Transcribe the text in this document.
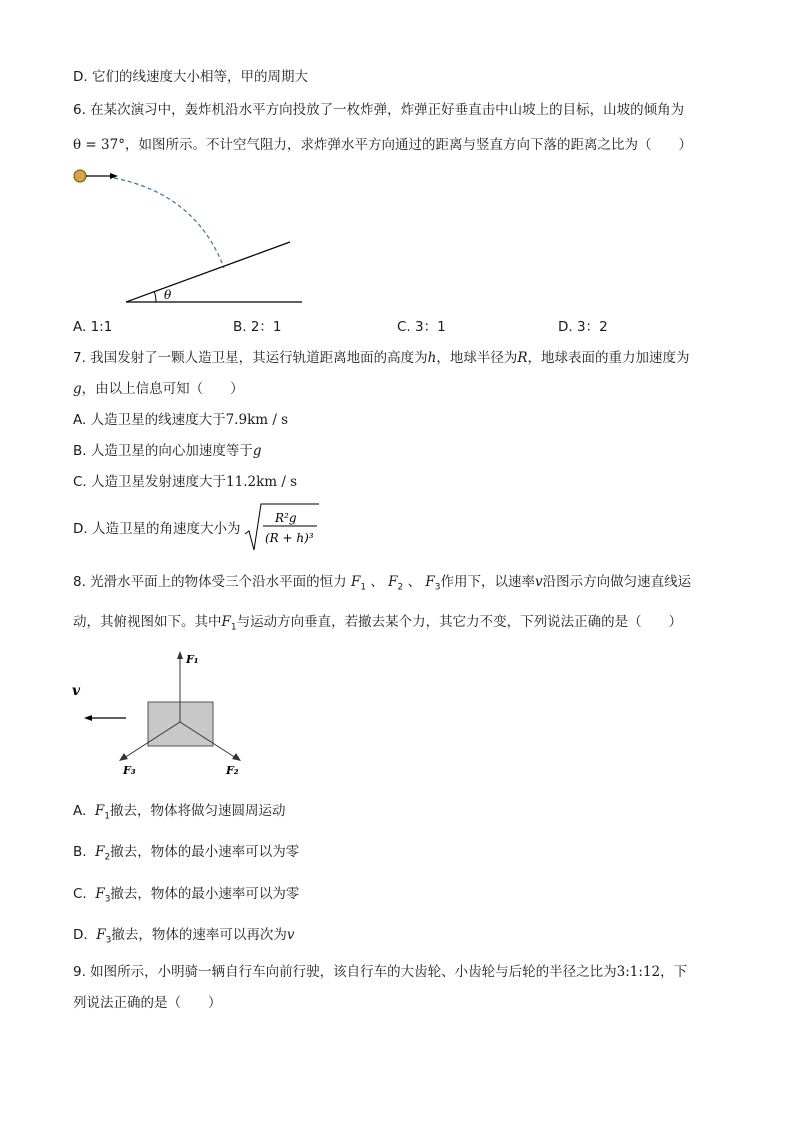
D. 它们的线速度大小相等，甲的周期大
6. 在某次演习中，轰炸机沿水平方向投放了一枚炸弹，炸弹正好垂直击中山坡上的目标，山坡的倾角为
θ = 37°，如图所示。不计空气阻力，求炸弹水平方向通过的距离与竖直方向下落的距离之比为（　　）
θ
A. 1:1	B. 2：1	C. 3：1	D. 3：2
7. 我国发射了一颗人造卫星，其运行轨道距离地面的高度为h，地球半径为R，地球表面的重力加速度为
g，由以上信息可知（　　）
A. 人造卫星的线速度大于7.9km / s
B. 人造卫星的向心加速度等于g
C. 人造卫星发射速度大于11.2km / s
D. 人造卫星的角速度大小为
R²g
(R + h)³
8. 光滑水平面上的物体受三个沿水平面的恒力 $F_1$ 、 $F_2$ 、 $F_3$作用下，以速率v沿图示方向做匀速直线运
动，其俯视图如下。其中$F_1$与运动方向垂直，若撤去某个力，其它力不变，下列说法正确的是（　　）
v
F₁
F₂
F₃
A. $F_1$撤去，物体将做匀速圆周运动
B. $F_2$撤去，物体的最小速率可以为零
C. $F_3$撤去，物体的最小速率可以为零
D. $F_3$撤去，物体的速率可以再次为v
9. 如图所示，小明骑一辆自行车向前行驶，该自行车的大齿轮、小齿轮与后轮的半径之比为3:1:12，下
列说法正确的是（　　）
